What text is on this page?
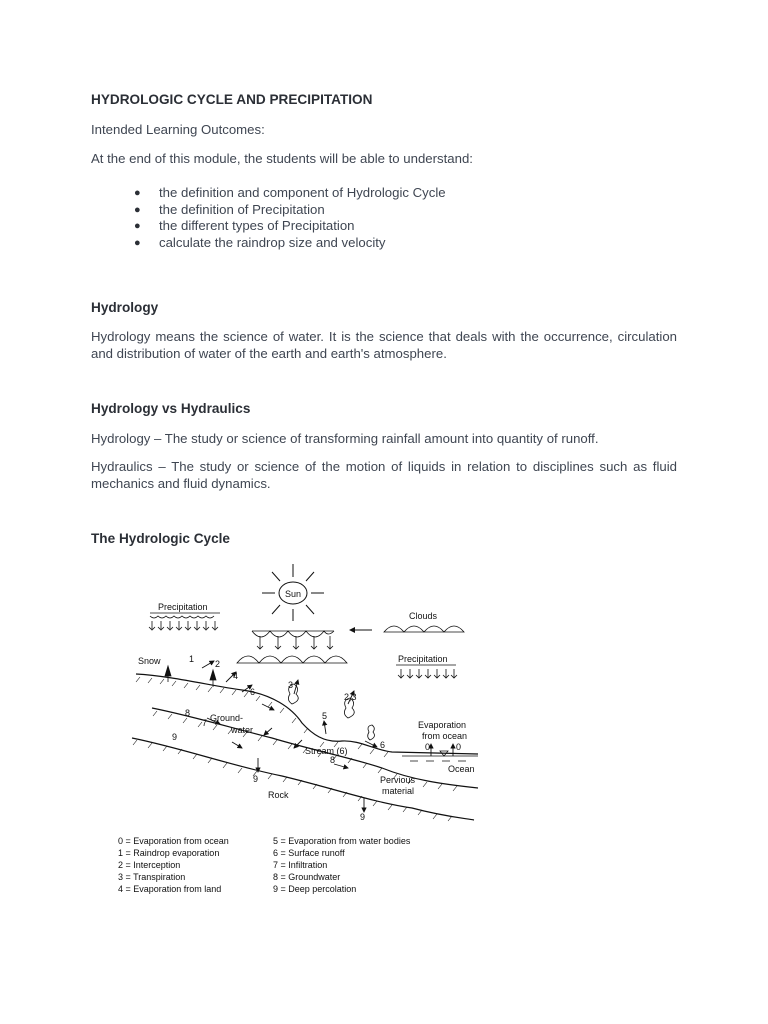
HYDROLOGIC CYCLE AND PRECIPITATION
Intended Learning Outcomes:
At the end of this module, the students will be able to understand:
● the definition and component of Hydrologic Cycle
● the definition of Precipitation
● the different types of Precipitation
● calculate the raindrop size and velocity
Hydrology
Hydrology means the science of water. It is the science that deals with the occurrence, circulation and distribution of water of the earth and earth's atmosphere.
Hydrology vs Hydraulics
Hydrology – The study or science of transforming rainfall amount into quantity of runoff.
Hydraulics – The study or science of the motion of liquids in relation to disciplines such as fluid mechanics and fluid dynamics.
The Hydrologic Cycle
Sun
Precipitation
Clouds
Precipitation
Snow
Ground-water
Stream (6)
Evaporation from ocean
Ocean
Pervious material
Rock
1 2
4
6
3
5
2,3
6
8
9
7
8
9
9
0	0
0 = Evaporation from ocean
1 = Raindrop evaporation
2 = Interception
3 = Transpiration
4 = Evaporation from land
5 = Evaporation from water bodies
6 = Surface runoff
7 = Infiltration
8 = Groundwater
9 = Deep percolation
